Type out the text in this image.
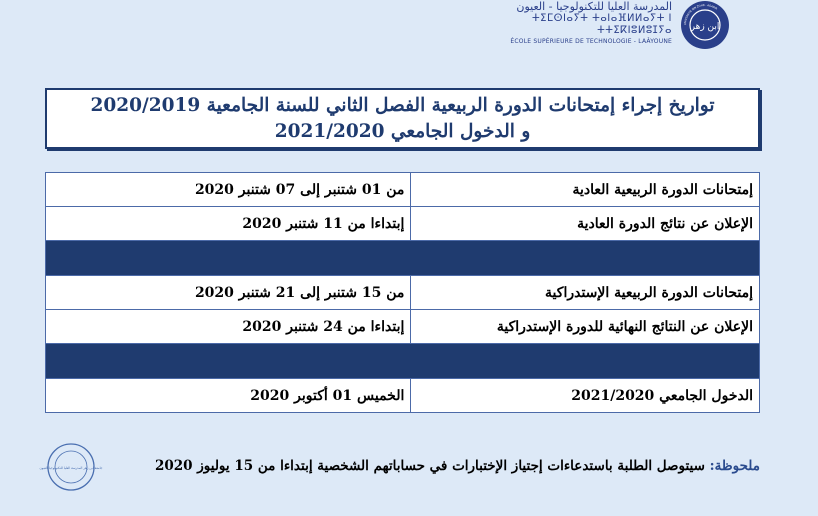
المدرسة العليا للتكنولوجيا - العيون
ⵜⵉⵎⵙⵏⴰⵢⵜ ⵜⴰⵏⴰⴼⵍⵍⴰⵢⵜ ⵏ ⵜⵜⵉⴽⵏⵓⵍⵓⵊⵢⴰ
ÉCOLE SUPÉRIEURE DE TECHNOLOGIE - LAÂYOUNE
ابن زهر
UNIVERSITÉ IBN ZOHR - AGADIR
تواريخ إجراء إمتحانات الدورة الربيعية الفصل الثاني للسنة الجامعية 2020/2019
و الدخول الجامعي 2021/2020
إمتحانات الدورة الربيعية العادية	من 01 شتنبر إلى 07 شتنبر 2020
الإعلان عن نتائج الدورة العادية	إبتداءا من 11 شتنبر 2020

إمتحانات الدورة الربيعية الإستدراكية	من 15 شتنبر إلى 21 شتنبر 2020
الإعلان عن النتائج النهائية للدورة الإستدراكية	إبتداءا من 24 شتنبر 2020

الدخول الجامعي 2021/2020	الخميس 01 أكتوبر 2020
ملحوظة: سيتوصل الطلبة باستدعاءات إجتياز الإختبارات في حساباتهم الشخصية إبتداءا من 15 يوليوز 2020
جامعة ابن زهر المدرسة العليا للتكنولوجيا العيون
